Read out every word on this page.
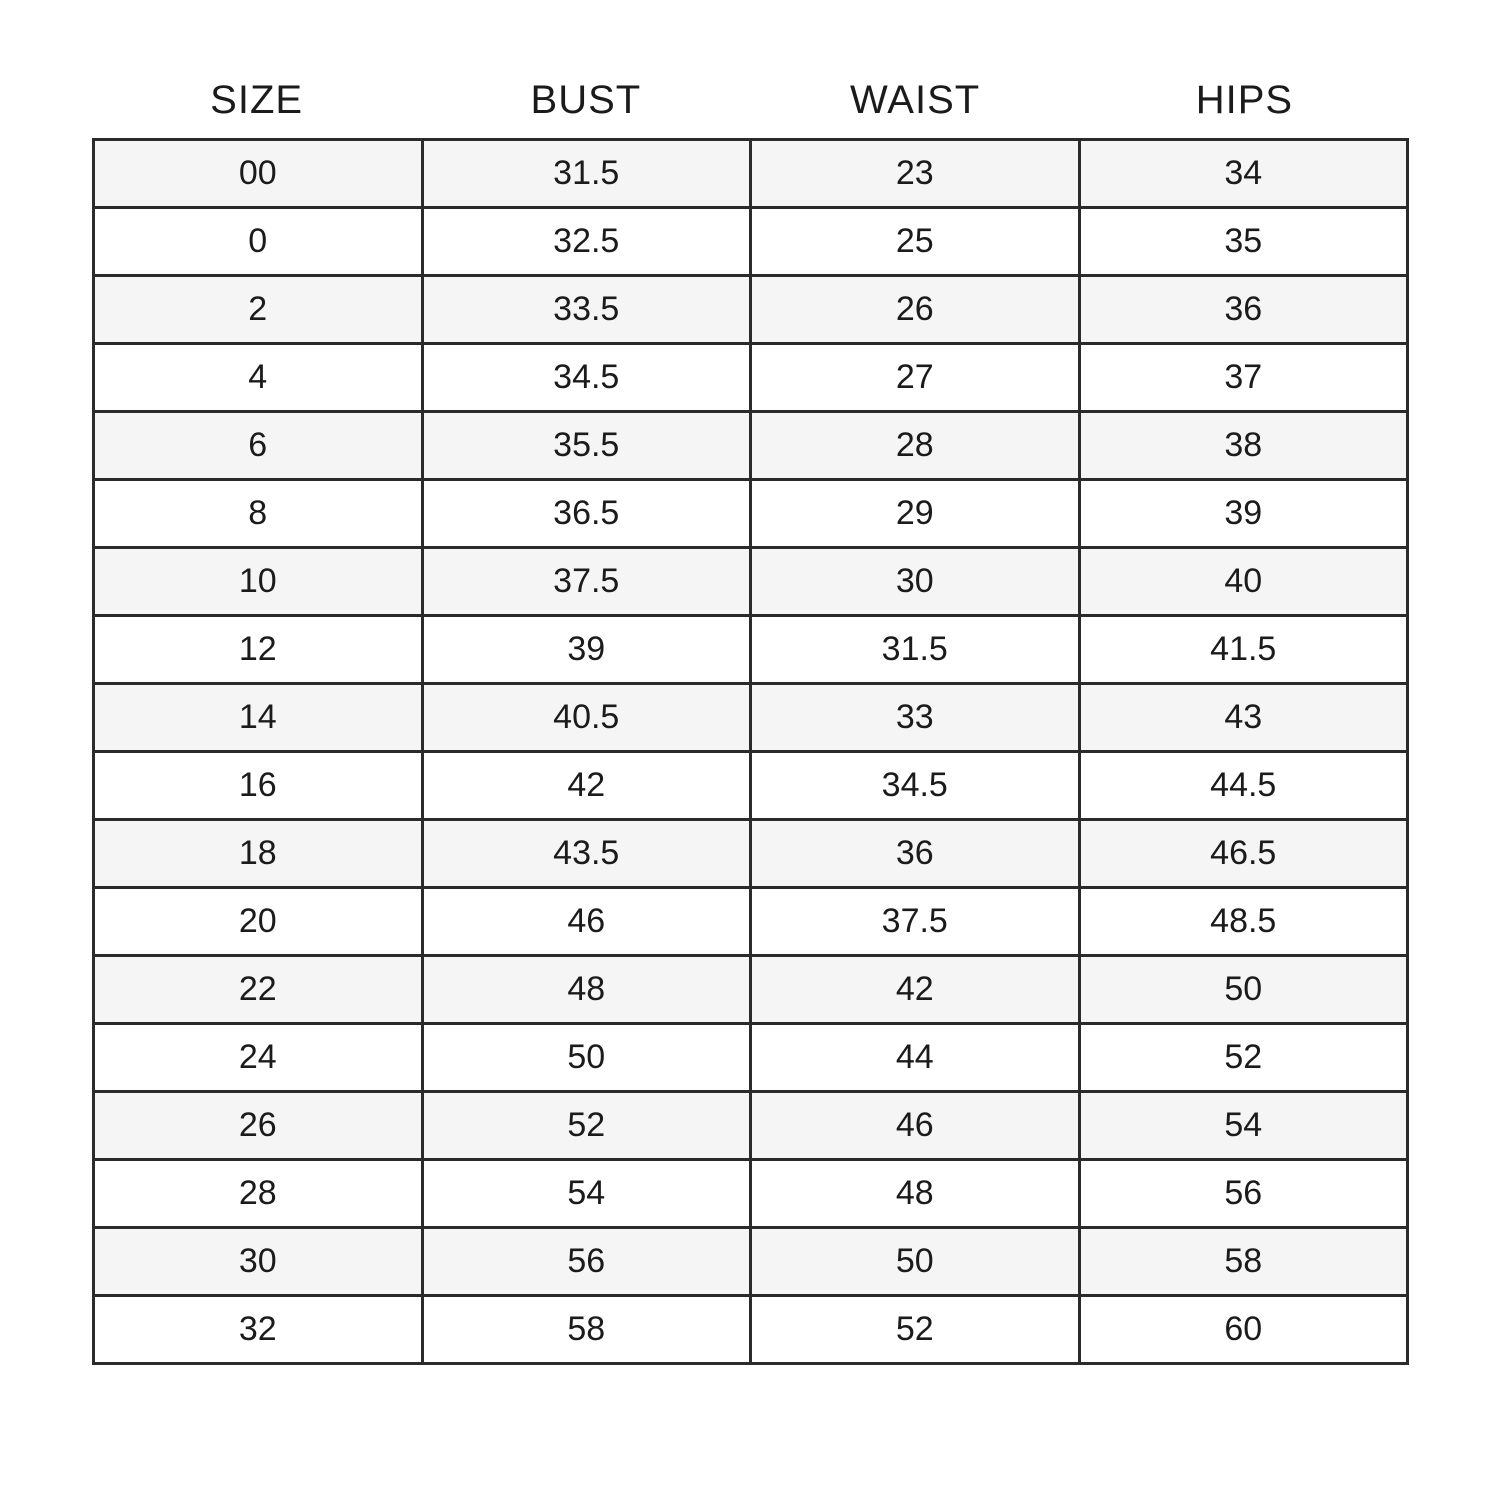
SIZE	BUST	WAIST	HIPS
00	31.5	23	34
0	32.5	25	35
2	33.5	26	36
4	34.5	27	37
6	35.5	28	38
8	36.5	29	39
10	37.5	30	40
12	39	31.5	41.5
14	40.5	33	43
16	42	34.5	44.5
18	43.5	36	46.5
20	46	37.5	48.5
22	48	42	50
24	50	44	52
26	52	46	54
28	54	48	56
30	56	50	58
32	58	52	60
